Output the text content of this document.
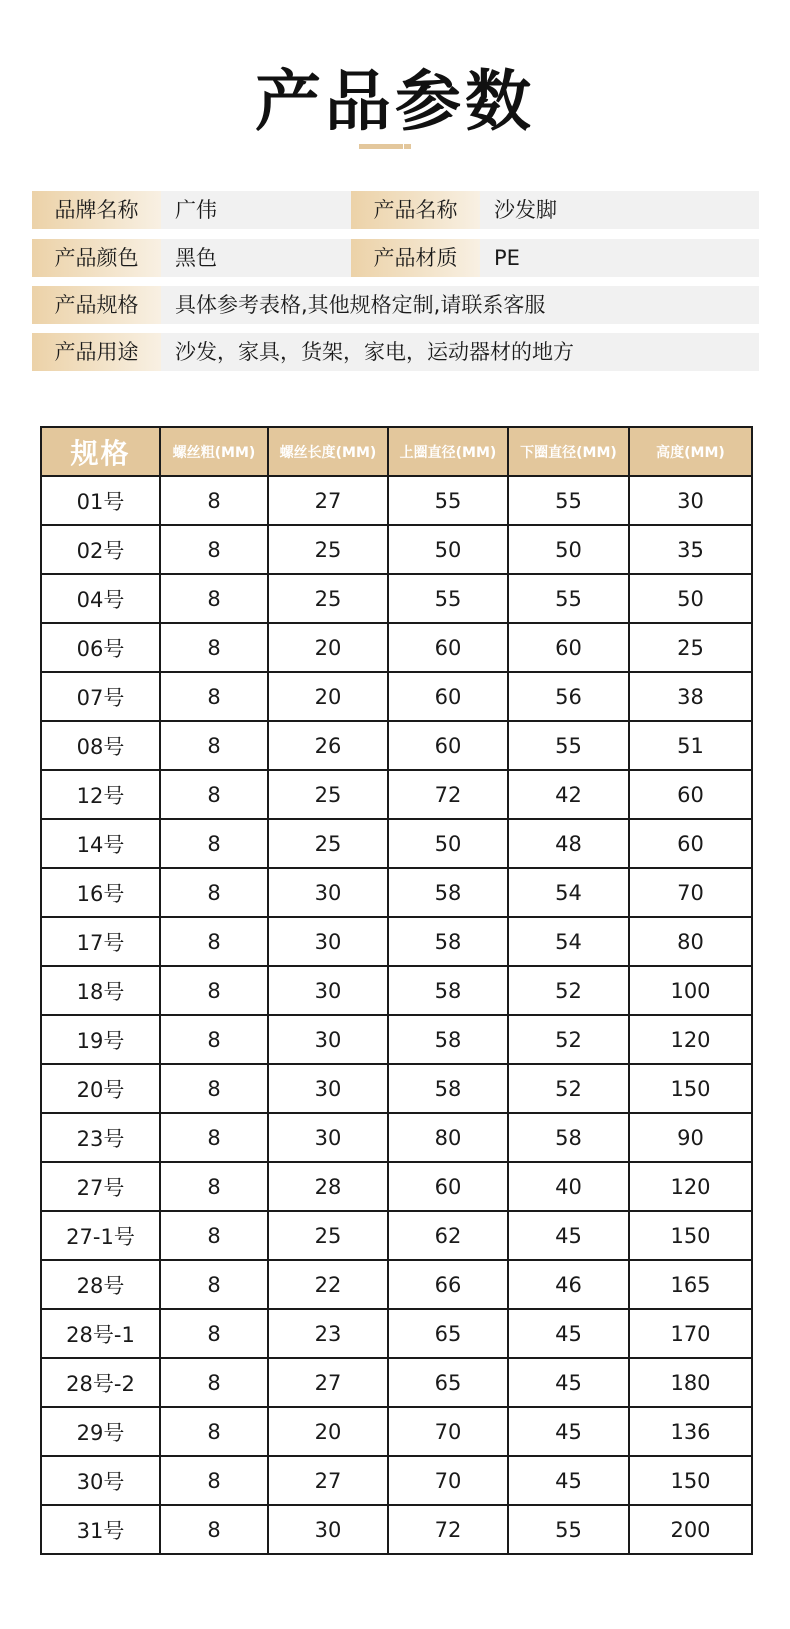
产品参数
品牌名称	广伟	产品名称	沙发脚
产品颜色	黑色	产品材质	PE
产品规格	具体参考表格,其他规格定制,请联系客服
产品用途	沙发，家具，货架，家电，运动器材的地方
规格	螺丝粗(MM)	螺丝长度(MM)	上圈直径(MM)	下圈直径(MM)	高度(MM)
01号	8	27	55	55	30
02号	8	25	50	50	35
04号	8	25	55	55	50
06号	8	20	60	60	25
07号	8	20	60	56	38
08号	8	26	60	55	51
12号	8	25	72	42	60
14号	8	25	50	48	60
16号	8	30	58	54	70
17号	8	30	58	54	80
18号	8	30	58	52	100
19号	8	30	58	52	120
20号	8	30	58	52	150
23号	8	30	80	58	90
27号	8	28	60	40	120
27-1号	8	25	62	45	150
28号	8	22	66	46	165
28号-1	8	23	65	45	170
28号-2	8	27	65	45	180
29号	8	20	70	45	136
30号	8	27	70	45	150
31号	8	30	72	55	200
